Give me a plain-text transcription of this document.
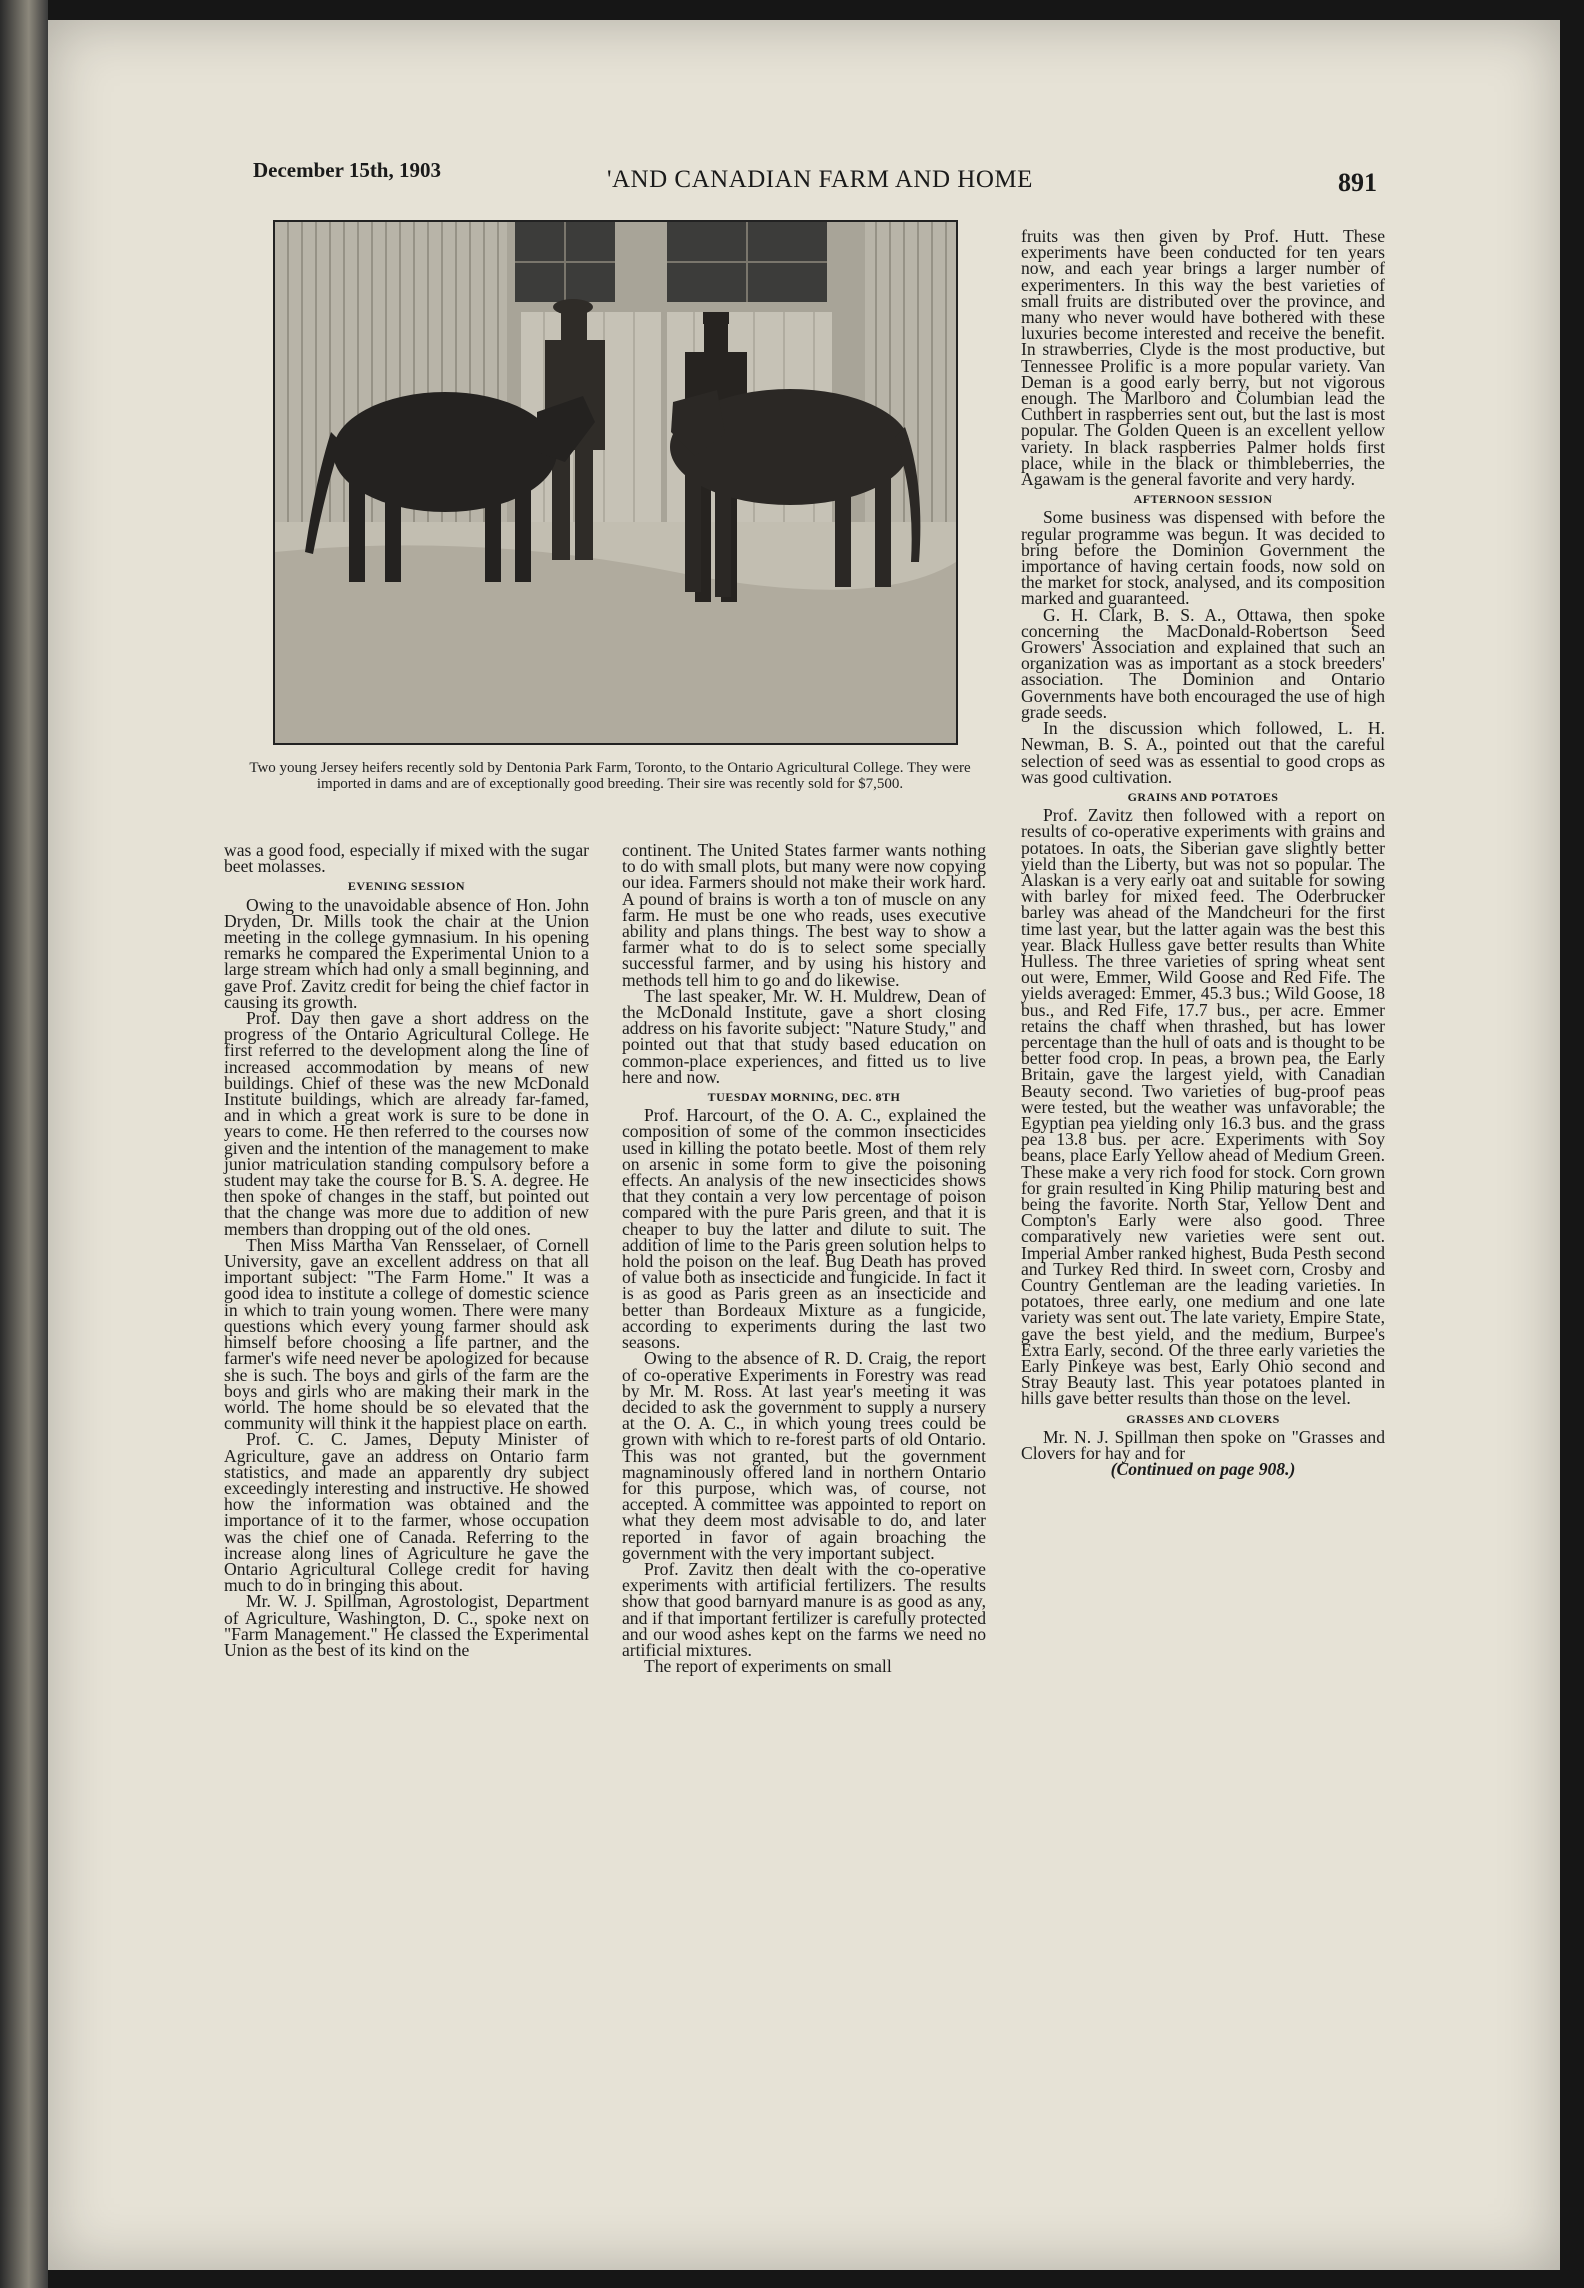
December 15th, 1903	'AND CANADIAN FARM AND HOME	891
Two young Jersey heifers recently sold by Dentonia Park Farm, Toronto, to the Ontario Agricultural College. They were imported in dams and are of exceptionally good breeding. Their sire was recently sold for $7,500.

was a good food, especially if mixed with the sugar beet molasses.

EVENING SESSION

Owing to the unavoidable absence of Hon. John Dryden, Dr. Mills took the chair at the Union meeting in the college gymnasium. In his opening remarks he compared the Experimental Union to a large stream which had only a small beginning, and gave Prof. Zavitz credit for being the chief factor in causing its growth.

Prof. Day then gave a short address on the progress of the Ontario Agricultural College. He first referred to the development along the line of increased accommodation by means of new buildings. Chief of these was the new McDonald Institute buildings, which are already far-famed, and in which a great work is sure to be done in years to come. He then referred to the courses now given and the intention of the management to make junior matriculation standing compulsory before a student may take the course for B. S. A. degree. He then spoke of changes in the staff, but pointed out that the change was more due to addition of new members than dropping out of the old ones.

Then Miss Martha Van Rensselaer, of Cornell University, gave an excellent address on that all important subject: "The Farm Home." It was a good idea to institute a college of domestic science in which to train young women. There were many questions which every young farmer should ask himself before choosing a life partner, and the farmer's wife need never be apologized for because she is such. The boys and girls of the farm are the boys and girls who are making their mark in the world. The home should be so elevated that the community will think it the happiest place on earth.

Prof. C. C. James, Deputy Minister of Agriculture, gave an address on Ontario farm statistics, and made an apparently dry subject exceedingly interesting and instructive. He showed how the information was obtained and the importance of it to the farmer, whose occupation was the chief one of Canada. Referring to the increase along lines of Agriculture he gave the Ontario Agricultural College credit for having much to do in bringing this about.

Mr. W. J. Spillman, Agrostologist, Department of Agriculture, Washington, D. C., spoke next on "Farm Management." He classed the Experimental Union as the best of its kind on the

continent. The United States farmer wants nothing to do with small plots, but many were now copying our idea. Farmers should not make their work hard. A pound of brains is worth a ton of muscle on any farm. He must be one who reads, uses executive ability and plans things. The best way to show a farmer what to do is to select some specially successful farmer, and by using his history and methods tell him to go and do likewise.

The last speaker, Mr. W. H. Muldrew, Dean of the McDonald Institute, gave a short closing address on his favorite subject: "Nature Study," and pointed out that that study based education on common-place experiences, and fitted us to live here and now.

TUESDAY MORNING, DEC. 8TH

Prof. Harcourt, of the O. A. C., explained the composition of some of the common insecticides used in killing the potato beetle. Most of them rely on arsenic in some form to give the poisoning effects. An analysis of the new insecticides shows that they contain a very low percentage of poison compared with the pure Paris green, and that it is cheaper to buy the latter and dilute to suit. The addition of lime to the Paris green solution helps to hold the poison on the leaf. Bug Death has proved of value both as insecticide and fungicide. In fact it is as good as Paris green as an insecticide and better than Bordeaux Mixture as a fungicide, according to experiments during the last two seasons.

Owing to the absence of R. D. Craig, the report of co-operative Experiments in Forestry was read by Mr. M. Ross. At last year's meeting it was decided to ask the government to supply a nursery at the O. A. C., in which young trees could be grown with which to re-forest parts of old Ontario. This was not granted, but the government magnaminously offered land in northern Ontario for this purpose, which was, of course, not accepted. A committee was appointed to report on what they deem most advisable to do, and later reported in favor of again broaching the government with the very important subject.

Prof. Zavitz then dealt with the co-operative experiments with artificial fertilizers. The results show that good barnyard manure is as good as any, and if that important fertilizer is carefully protected and our wood ashes kept on the farms we need no artificial mixtures.

The report of experiments on small

fruits was then given by Prof. Hutt. These experiments have been conducted for ten years now, and each year brings a larger number of experimenters. In this way the best varieties of small fruits are distributed over the province, and many who never would have bothered with these luxuries become interested and receive the benefit. In strawberries, Clyde is the most productive, but Tennessee Prolific is a more popular variety. Van Deman is a good early berry, but not vigorous enough. The Marlboro and Columbian lead the Cuthbert in raspberries sent out, but the last is most popular. The Golden Queen is an excellent yellow variety. In black raspberries Palmer holds first place, while in the black or thimbleberries, the Agawam is the general favorite and very hardy.

AFTERNOON SESSION

Some business was dispensed with before the regular programme was begun. It was decided to bring before the Dominion Government the importance of having certain foods, now sold on the market for stock, analysed, and its composition marked and guaranteed.

G. H. Clark, B. S. A., Ottawa, then spoke concerning the MacDonald-Robertson Seed Growers' Association and explained that such an organization was as important as a stock breeders' association. The Dominion and Ontario Governments have both encouraged the use of high grade seeds.

In the discussion which followed, L. H. Newman, B. S. A., pointed out that the careful selection of seed was as essential to good crops as was good cultivation.

GRAINS AND POTATOES

Prof. Zavitz then followed with a report on results of co-operative experiments with grains and potatoes. In oats, the Siberian gave slightly better yield than the Liberty, but was not so popular. The Alaskan is a very early oat and suitable for sowing with barley for mixed feed. The Oderbrucker barley was ahead of the Mandcheuri for the first time last year, but the latter again was the best this year. Black Hulless gave better results than White Hulless. The three varieties of spring wheat sent out were, Emmer, Wild Goose and Red Fife. The yields averaged: Emmer, 45.3 bus.; Wild Goose, 18 bus., and Red Fife, 17.7 bus., per acre. Emmer retains the chaff when thrashed, but has lower percentage than the hull of oats and is thought to be better food crop. In peas, a brown pea, the Early Britain, gave the largest yield, with Canadian Beauty second. Two varieties of bug-proof peas were tested, but the weather was unfavorable; the Egyptian pea yielding only 16.3 bus. and the grass pea 13.8 bus. per acre. Experiments with Soy beans, place Early Yellow ahead of Medium Green. These make a very rich food for stock. Corn grown for grain resulted in King Philip maturing best and being the favorite. North Star, Yellow Dent and Compton's Early were also good. Three comparatively new varieties were sent out. Imperial Amber ranked highest, Buda Pesth second and Turkey Red third. In sweet corn, Crosby and Country Gentleman are the leading varieties. In potatoes, three early, one medium and one late variety was sent out. The late variety, Empire State, gave the best yield, and the medium, Burpee's Extra Early, second. Of the three early varieties the Early Pinkeye was best, Early Ohio second and Stray Beauty last. This year potatoes planted in hills gave better results than those on the level.

GRASSES AND CLOVERS

Mr. N. J. Spillman then spoke on "Grasses and Clovers for hay and for

(Continued on page 908.)
